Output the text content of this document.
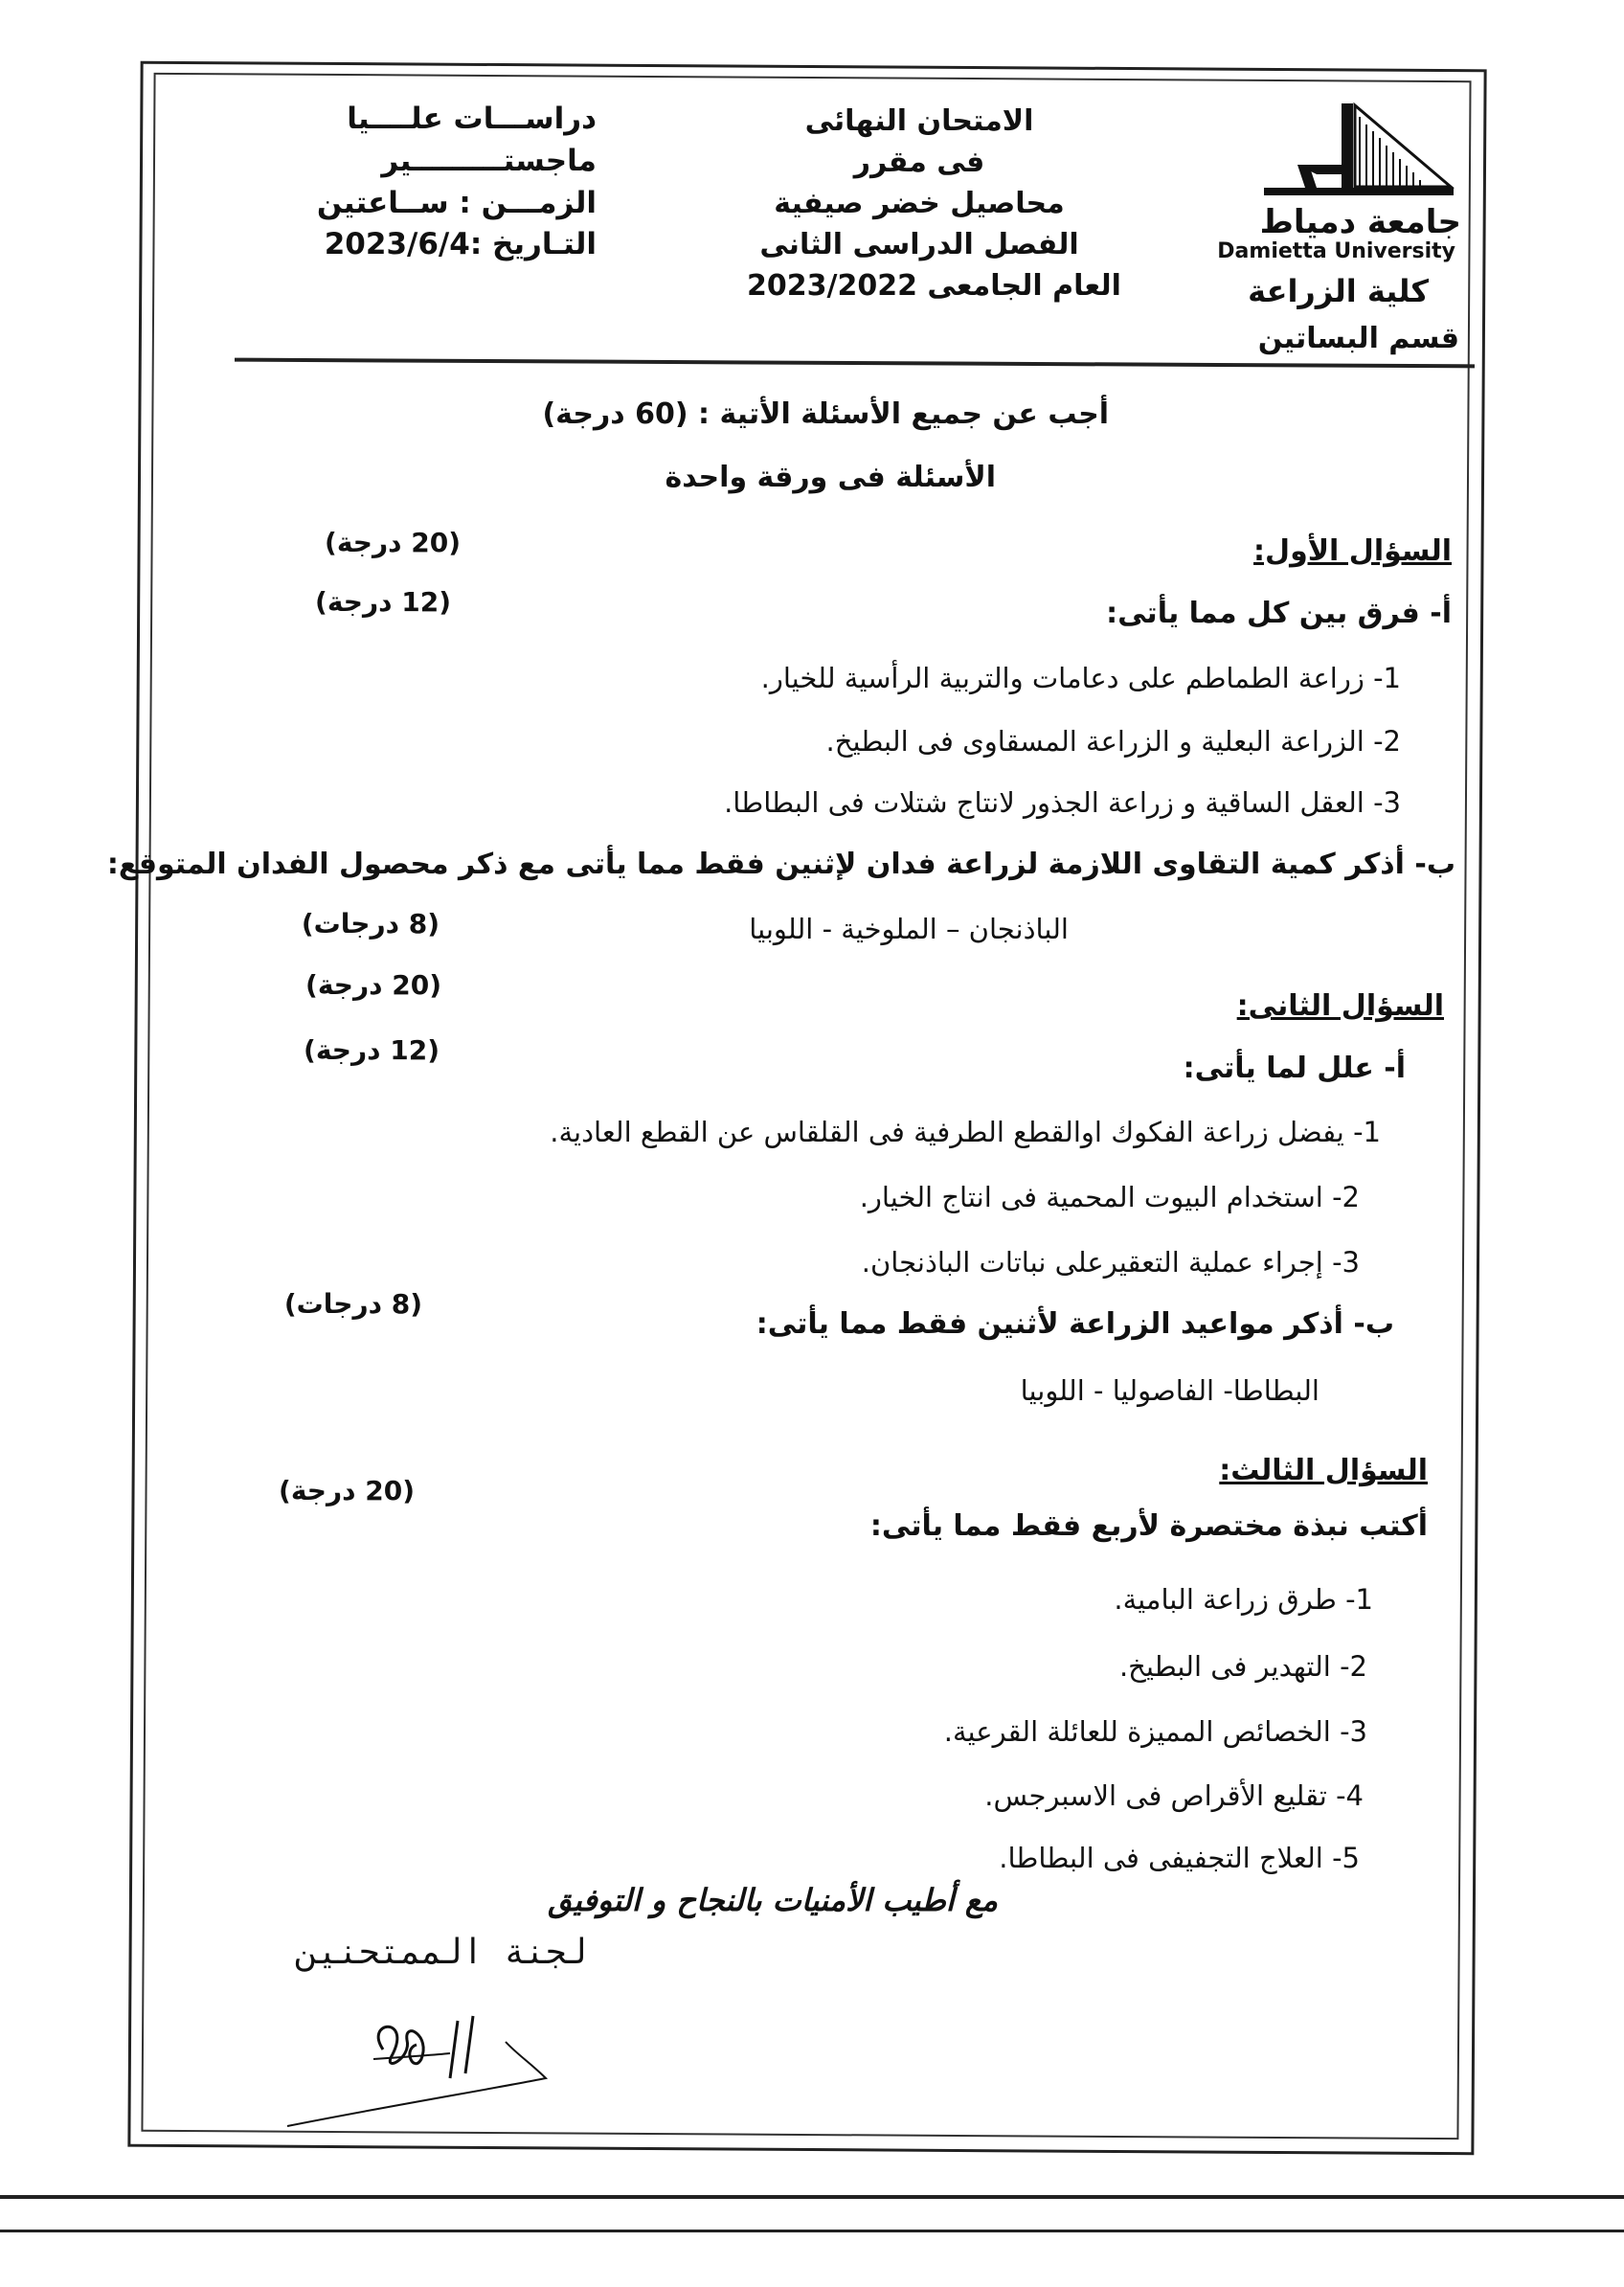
جامعة دمياط
Damietta University
كلية الزراعة
قسم البساتين
الامتحان النهائى
فى مقرر
محاصيل خضر صيفية
الفصل الدراسى الثانى
العام الجامعى 2023/2022
دراســـات علــــيا
ماجستـــــــــير
الزمـــن : ســاعتين
التـاريخ :2023/6/4
أجب عن جميع الأسئلة الأتية : (60 درجة)
الأسئلة فى ورقة واحدة
السؤال الأول:
(20 درجة)
أ- فرق بين كل مما يأتى:
(12 درجة)
1- زراعة الطماطم على دعامات والتربية الرأسية للخيار.
2- الزراعة البعلية و الزراعة المسقاوى فى البطيخ.
3- العقل الساقية و زراعة الجذور لانتاج شتلات فى البطاطا.
ب- أذكر كمية التقاوى اللازمة لزراعة فدان لإثنين فقط مما يأتى مع ذكر محصول الفدان المتوقع:
الباذنجان – الملوخية - اللوبيا
(8 درجات)
السؤال الثانى:
(20 درجة)
أ- علل لما يأتى:
(12 درجة)
1- يفضل زراعة الفكوك اوالقطع الطرفية فى القلقاس عن القطع العادية.
2- استخدام البيوت المحمية فى انتاج الخيار.
3- إجراء عملية التعقيرعلى نباتات الباذنجان.
ب- أذكر مواعيد الزراعة لأثنين فقط مما يأتى:
(8 درجات)
البطاطا- الفاصوليا - اللوبيا
السؤال الثالث:
(20 درجة)
أكتب نبذة مختصرة لأربع فقط مما يأتى:
1- طرق زراعة البامية.
2- التهدير فى البطيخ.
3- الخصائص المميزة للعائلة القرعية.
4- تقليع الأقراص فى الاسبرجس.
5- العلاج التجفيفى فى البطاطا.
مع أطيب الأمنيات بالنجاح و التوفيق
لجنة الممتحنين
